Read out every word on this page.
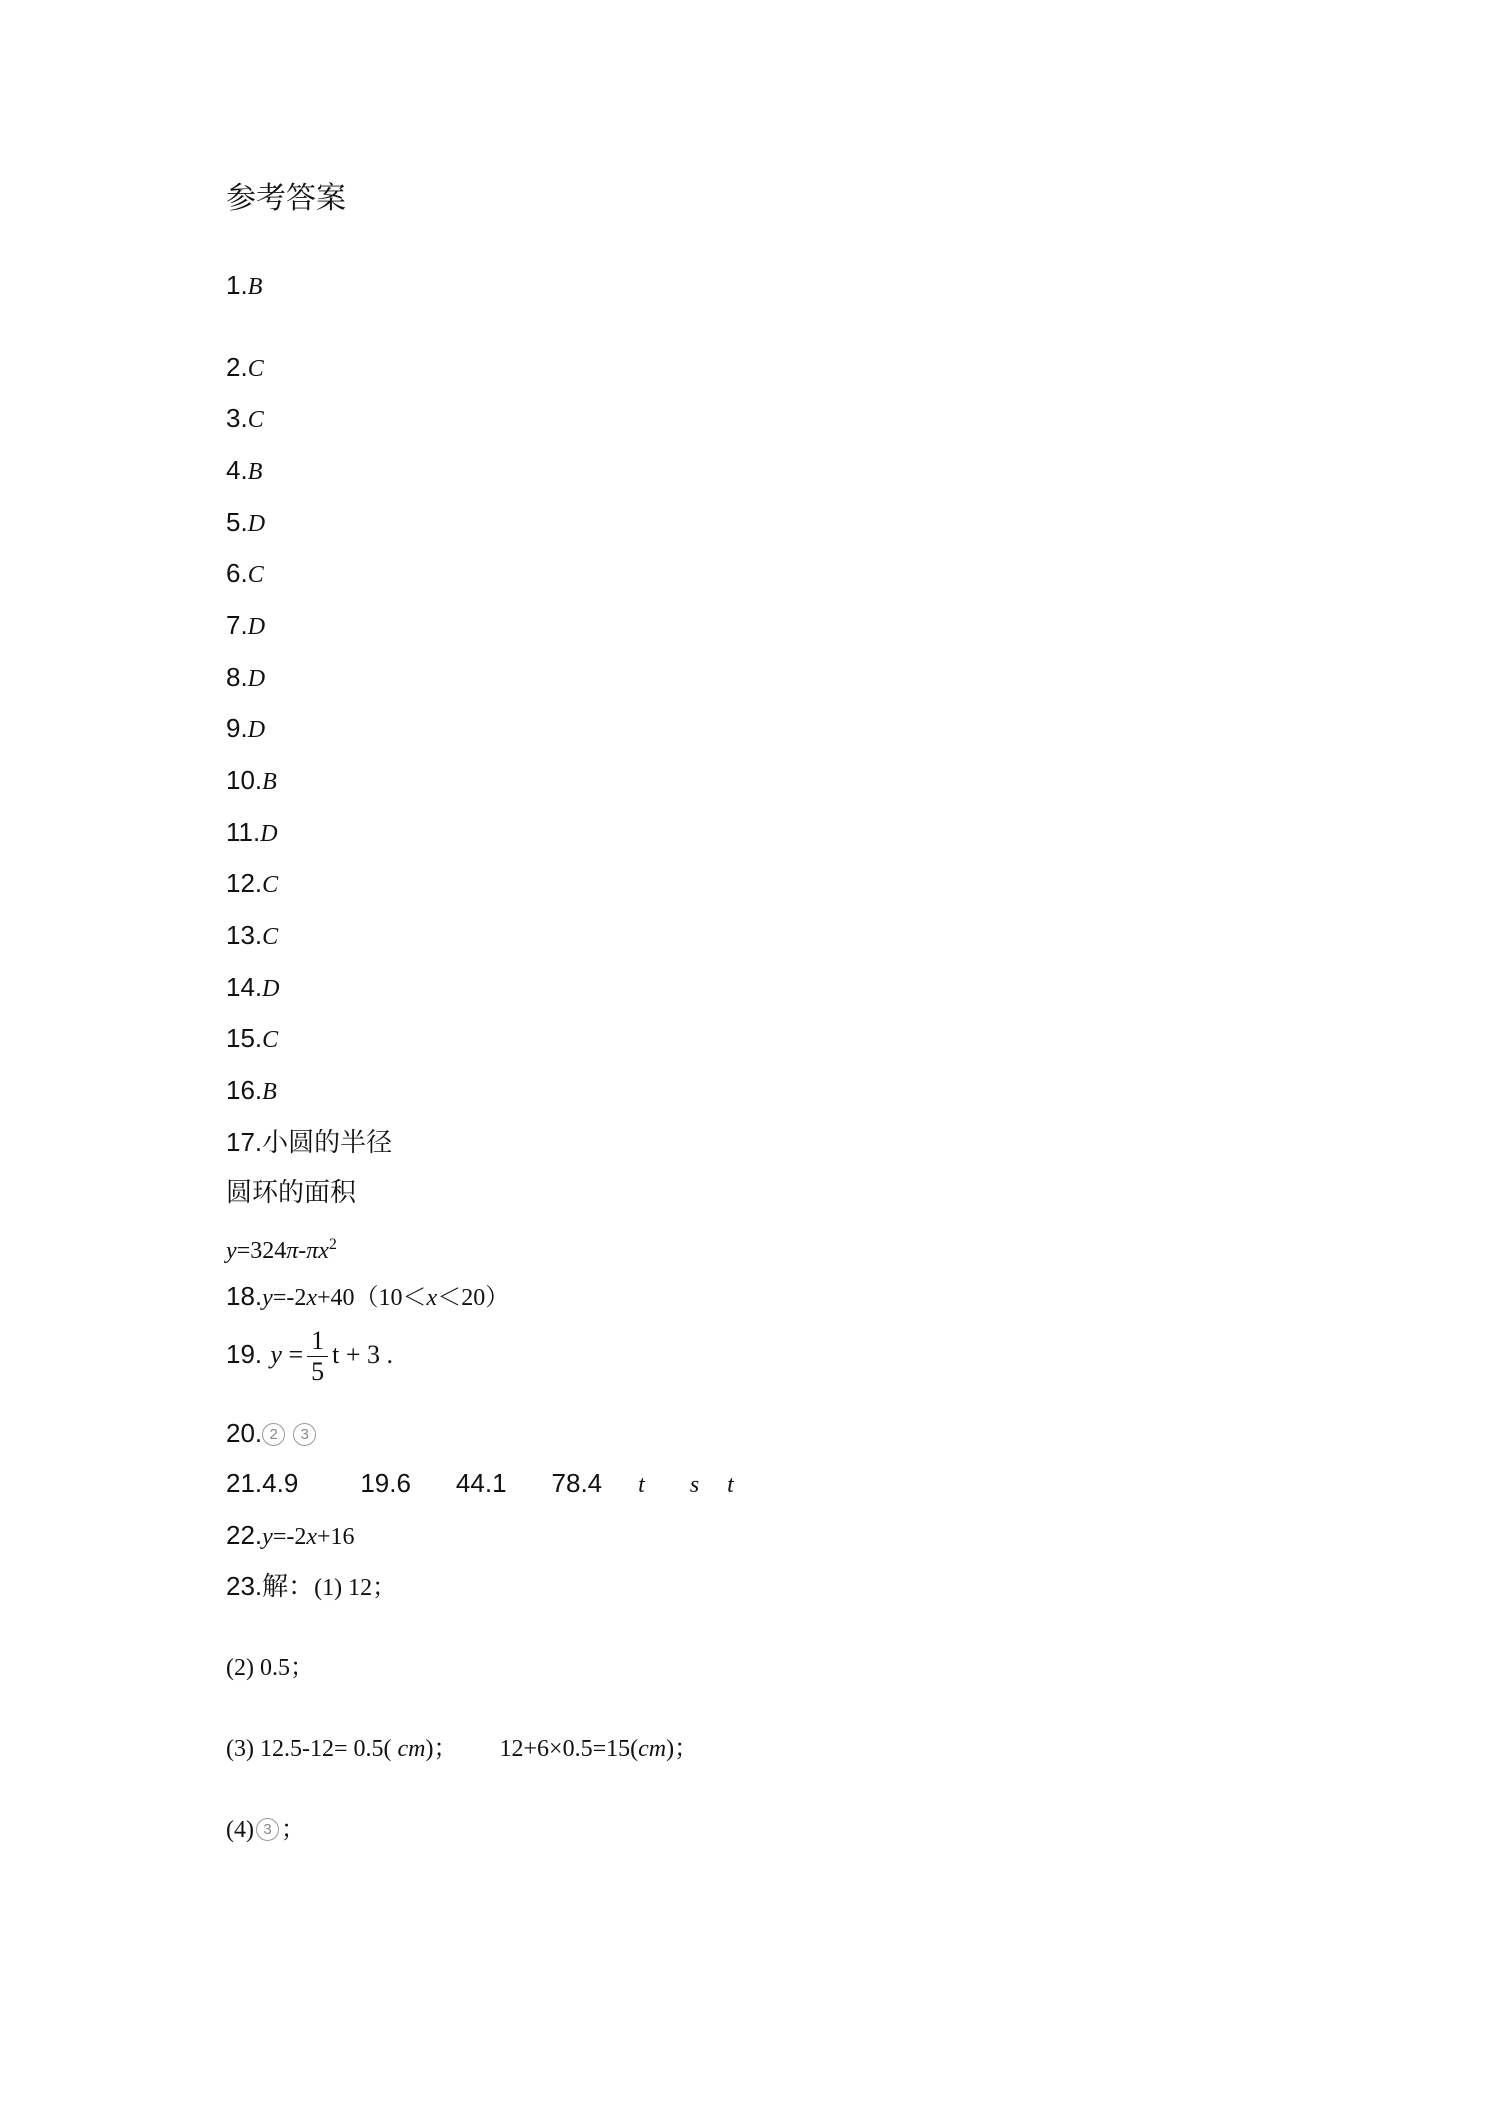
参考答案
1.B
2.C
3.C
4.B
5.D
6.C
7.D
8.D
9.D
10.B
11.D
12.C
13.C
14.D
15.C
16.B
17.小圆的半径
圆环的面积
$y=324\pi-\pi x^2$
18.y=-2x+40（10＜x＜20）
19. $y = \frac{1}{5}$ t + 3 .
20. 2 3
21.4.9 19.6 44.1 78.4 t s t
22.y=-2x+16
23.解：(1) 12；
(2) 0.5；
(3) 12.5-12= 0.5( cm)； 12+6×0.5=15(cm)；
(4) 3 ；
